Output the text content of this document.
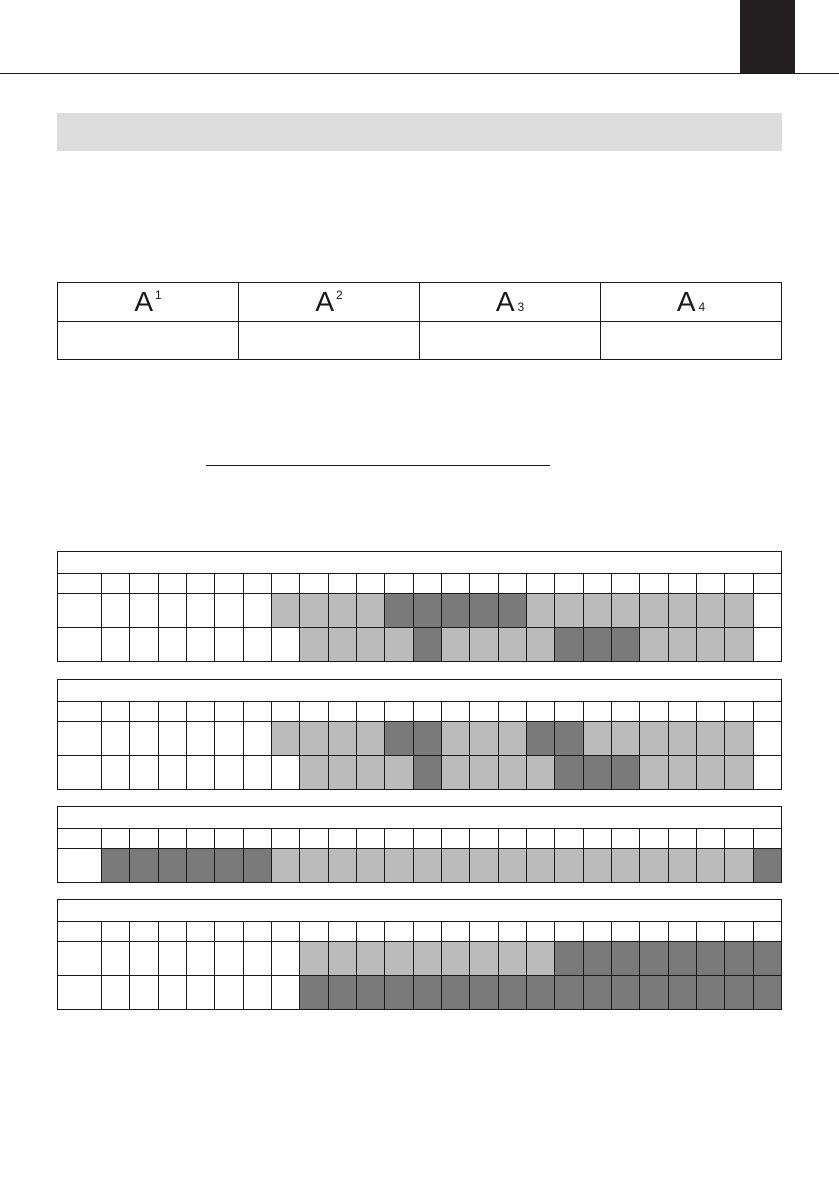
A $^1$	A $^2$	A 3	A 4
